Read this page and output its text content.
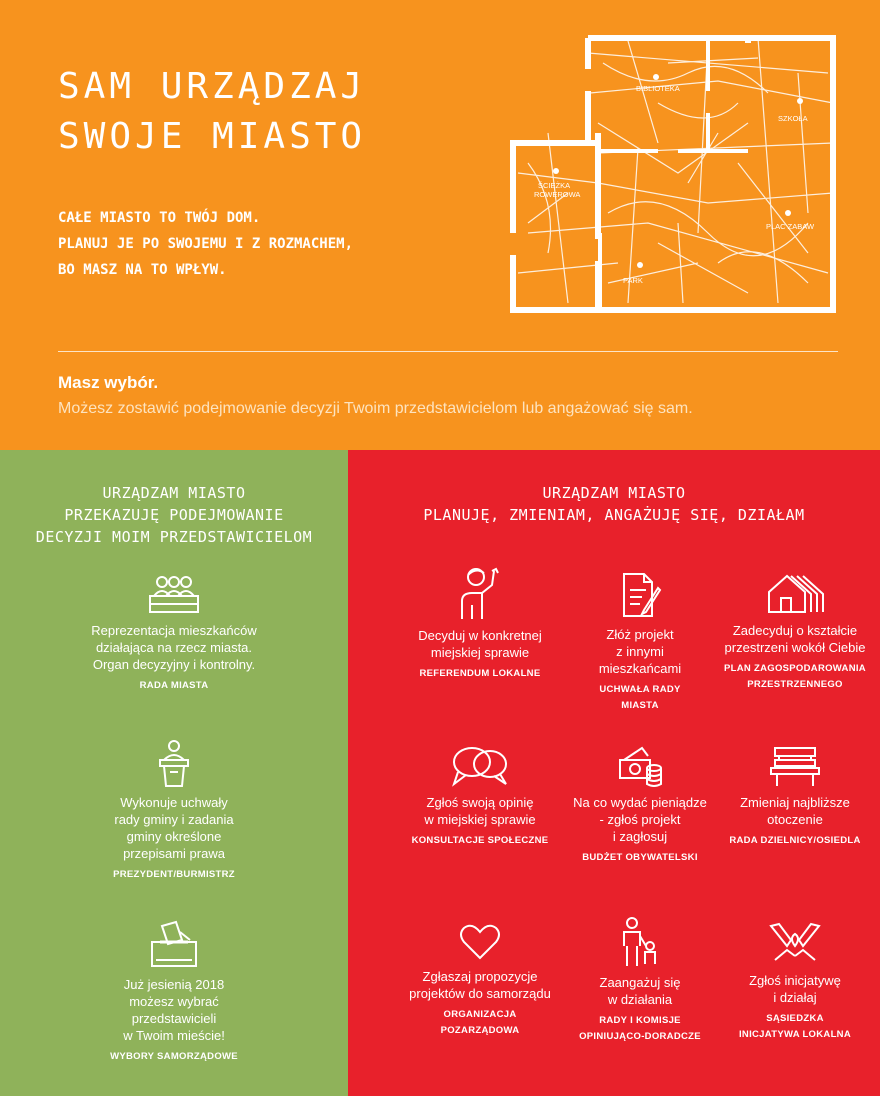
SAM URZĄDZAJ
SWOJE MIASTO
CAŁE MIASTO TO TWÓJ DOM.
PLANUJ JE PO SWOJEMU I Z ROZMACHEM,
BO MASZ NA TO WPŁYW.
BIBLIOTEKA
SZKOŁA
ŚCIEŻKA
ROWEROWA
PLAC ZABAW
PARK
Masz wybór.
Możesz zostawić podejmowanie decyzji Twoim przedstawicielom lub angażować się sam.
URZĄDZAM MIASTO
PRZEKAZUJĘ PODEJMOWANIE
DECYZJI MOIM PRZEDSTAWICIELOM
Reprezentacja mieszkańców
działająca na rzecz miasta.
Organ decyzyjny i kontrolny.
RADA MIASTA
Wykonuje uchwały
rady gminy i zadania
gminy określone
przepisami prawa
PREZYDENT/BURMISTRZ
Już jesienią 2018
możesz wybrać
przedstawicieli
w Twoim mieście!
WYBORY SAMORZĄDOWE
URZĄDZAM MIASTO
PLANUJĘ, ZMIENIAM, ANGAŻUJĘ SIĘ, DZIAŁAM
Decyduj w konkretnej
miejskiej sprawie
REFERENDUM LOKALNE
Złóż projekt
z innymi
mieszkańcami
UCHWAŁA RADY
MIASTA
Zadecyduj o kształcie
przestrzeni wokół Ciebie
PLAN ZAGOSPODAROWANIA
PRZESTRZENNEGO
Zgłoś swoją opinię
w miejskiej sprawie
KONSULTACJE SPOŁECZNE
Na co wydać pieniądze
- zgłoś projekt
i zagłosuj
BUDŻET OBYWATELSKI
Zmieniaj najbliższe
otoczenie
RADA DZIELNICY/OSIEDLA
Zgłaszaj propozycje
projektów do samorządu
ORGANIZACJA
POZARZĄDOWA
Zaangażuj się
w działania
RADY I KOMISJE
OPINIUJĄCO-DORADCZE
Zgłoś inicjatywę
i działaj
SĄSIEDZKA
INICJATYWA LOKALNA
